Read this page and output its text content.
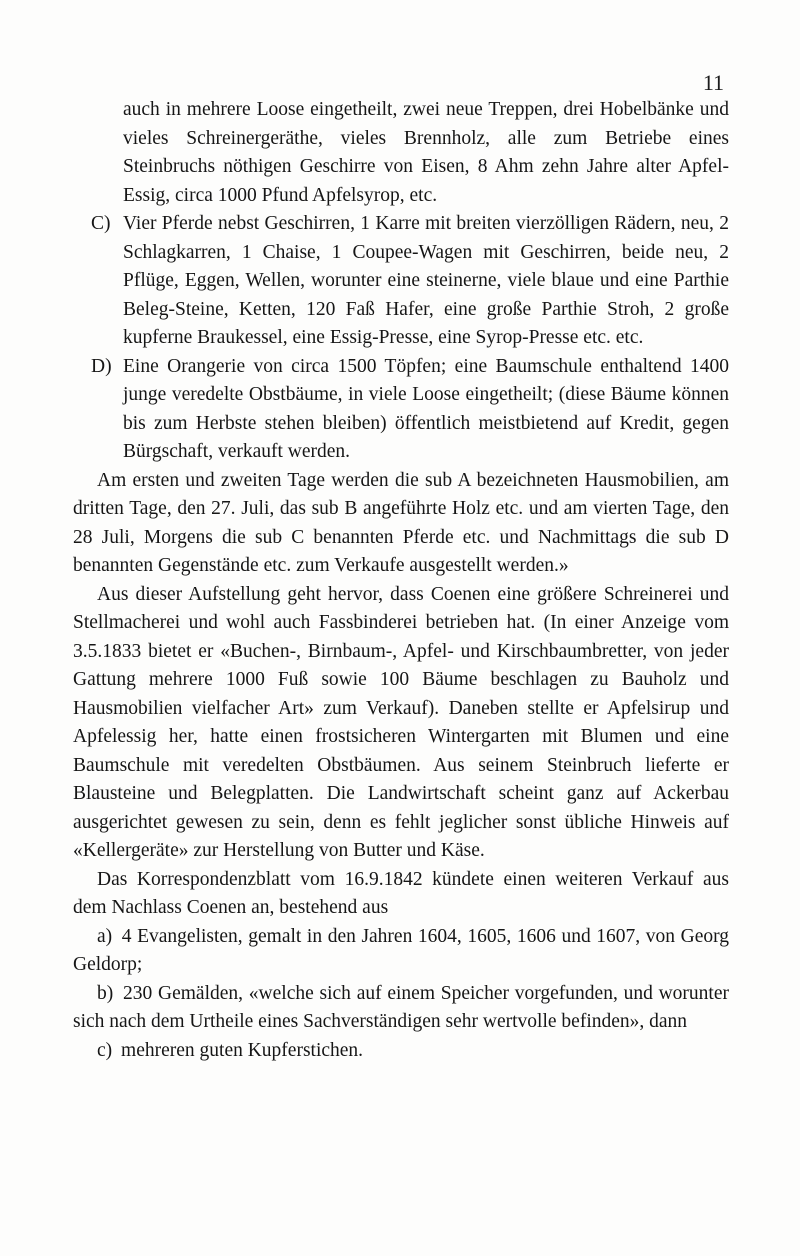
11

auch in mehrere Loose eingetheilt, zwei neue Treppen, drei Hobelbänke und vieles Schreinergeräthe, vieles Brennholz, alle zum Betriebe eines Steinbruchs nöthigen Geschirre von Eisen, 8 Ahm zehn Jahre alter Apfel-Essig, circa 1000 Pfund Apfelsyrop, etc.

C) Vier Pferde nebst Geschirren, 1 Karre mit breiten vierzölligen Rädern, neu, 2 Schlagkarren, 1 Chaise, 1 Coupee-Wagen mit Geschirren, beide neu, 2 Pflüge, Eggen, Wellen, worunter eine steinerne, viele blaue und eine Parthie Beleg-Steine, Ketten, 120 Faß Hafer, eine große Parthie Stroh, 2 große kupferne Braukessel, eine Essig-Presse, eine Syrop-Presse etc. etc.
D) Eine Orangerie von circa 1500 Töpfen; eine Baumschule enthaltend 1400 junge veredelte Obstbäume, in viele Loose eingetheilt; (diese Bäume können bis zum Herbste stehen bleiben) öffentlich meistbietend auf Kredit, gegen Bürgschaft, verkauft werden.

Am ersten und zweiten Tage werden die sub A bezeichneten Hausmobilien, am dritten Tage, den 27. Juli, das sub B angeführte Holz etc. und am vierten Tage, den 28 Juli, Morgens die sub C benannten Pferde etc. und Nachmittags die sub D benannten Gegenstände etc. zum Verkaufe ausgestellt werden.»

Aus dieser Aufstellung geht hervor, dass Coenen eine größere Schreinerei und Stellmacherei und wohl auch Fassbinderei betrieben hat. (In einer Anzeige vom 3.5.1833 bietet er «Buchen-, Birnbaum-, Apfel- und Kirschbaumbretter, von jeder Gattung mehrere 1000 Fuß sowie 100 Bäume beschlagen zu Bauholz und Hausmobilien vielfacher Art» zum Verkauf). Daneben stellte er Apfelsirup und Apfelessig her, hatte einen frostsicheren Wintergarten mit Blumen und eine Baumschule mit veredelten Obstbäumen. Aus seinem Steinbruch lieferte er Blausteine und Belegplatten. Die Landwirtschaft scheint ganz auf Ackerbau ausgerichtet gewesen zu sein, denn es fehlt jeglicher sonst übliche Hinweis auf «Kellergeräte» zur Herstellung von Butter und Käse.

Das Korrespondenzblatt vom 16.9.1842 kündete einen weiteren Verkauf aus dem Nachlass Coenen an, bestehend aus

a) 4 Evangelisten, gemalt in den Jahren 1604, 1605, 1606 und 1607, von Georg Geldorp;

b) 230 Gemälden, «welche sich auf einem Speicher vorgefunden, und worunter sich nach dem Urtheile eines Sachverständigen sehr wertvolle befinden», dann

c) mehreren guten Kupferstichen.
